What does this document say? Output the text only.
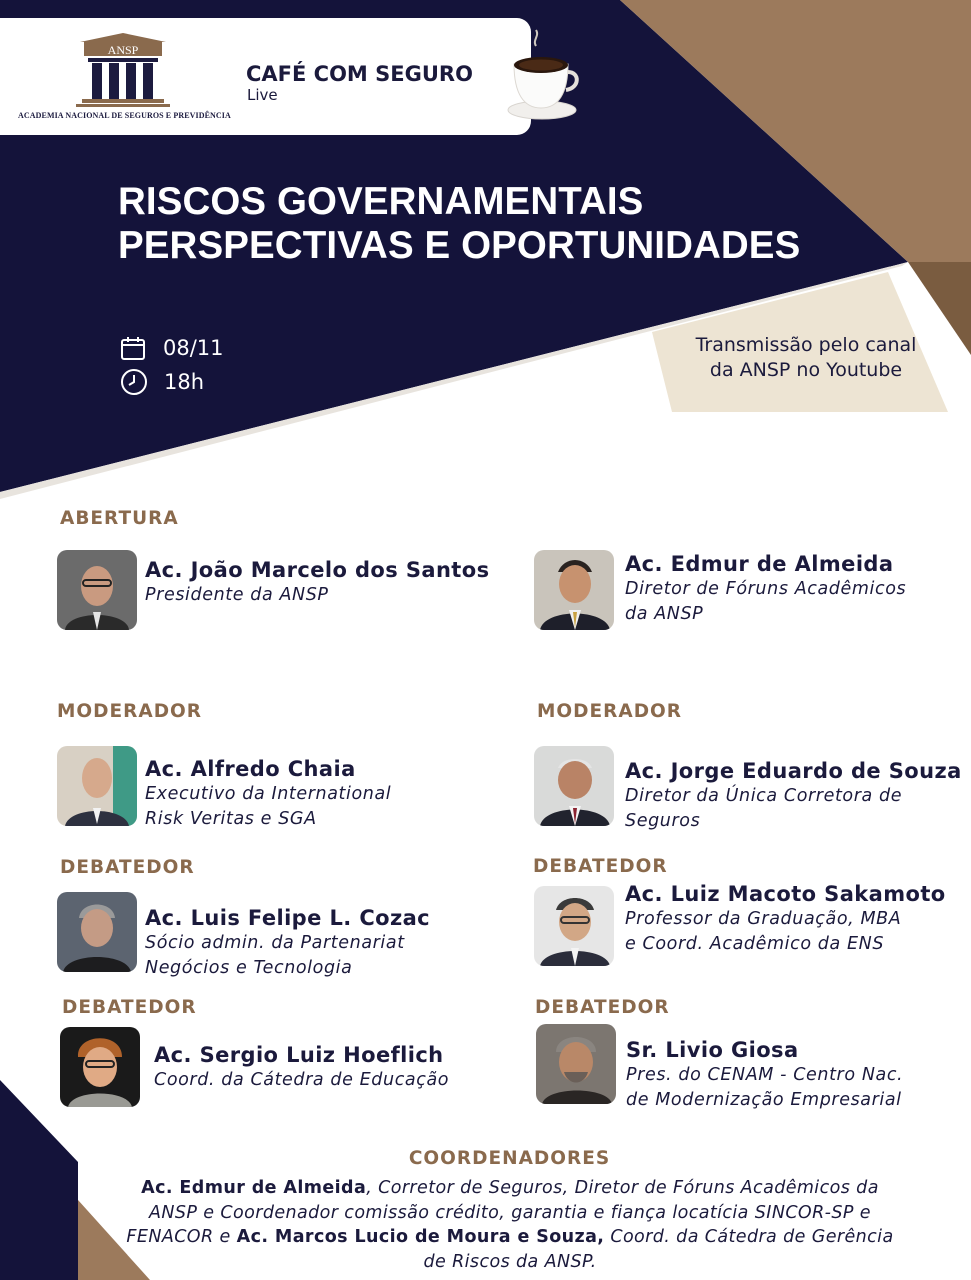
ANSP
ACADEMIA NACIONAL DE SEGUROS E PREVIDÊNCIA
CAFÉ COM SEGURO
Live
RISCOS GOVERNAMENTAIS
PERSPECTIVAS E OPORTUNIDADES
08/11
18h
Transmissão pelo canal
da ANSP no Youtube
ABERTURA
MODERADOR	MODERADOR
DEBATEDOR	DEBATEDOR
DEBATEDOR	DEBATEDOR
Ac. João Marcelo dos Santos
Presidente da ANSP
Ac. Edmur de Almeida
Diretor de Fóruns Acadêmicos
da ANSP
Ac. Alfredo Chaia
Executivo da International
Risk Veritas e SGA
Ac. Jorge Eduardo de Souza
Diretor da Única Corretora de
Seguros
Ac. Luis Felipe L. Cozac
Sócio admin. da Partenariat
Negócios e Tecnologia
Ac. Luiz Macoto Sakamoto
Professor da Graduação, MBA
e Coord. Acadêmico da ENS
Ac. Sergio Luiz Hoeflich
Coord. da Cátedra de Educação
Sr. Livio Giosa
Pres. do CENAM - Centro Nac.
de Modernização Empresarial
COORDENADORES
Ac. Edmur de Almeida, Corretor de Seguros, Diretor de Fóruns Acadêmicos da ANSP e Coordenador comissão crédito, garantia e fiança locatícia SINCOR-SP e FENACOR e Ac. Marcos Lucio de Moura e Souza, Coord. da Cátedra de Gerência de Riscos da ANSP.
